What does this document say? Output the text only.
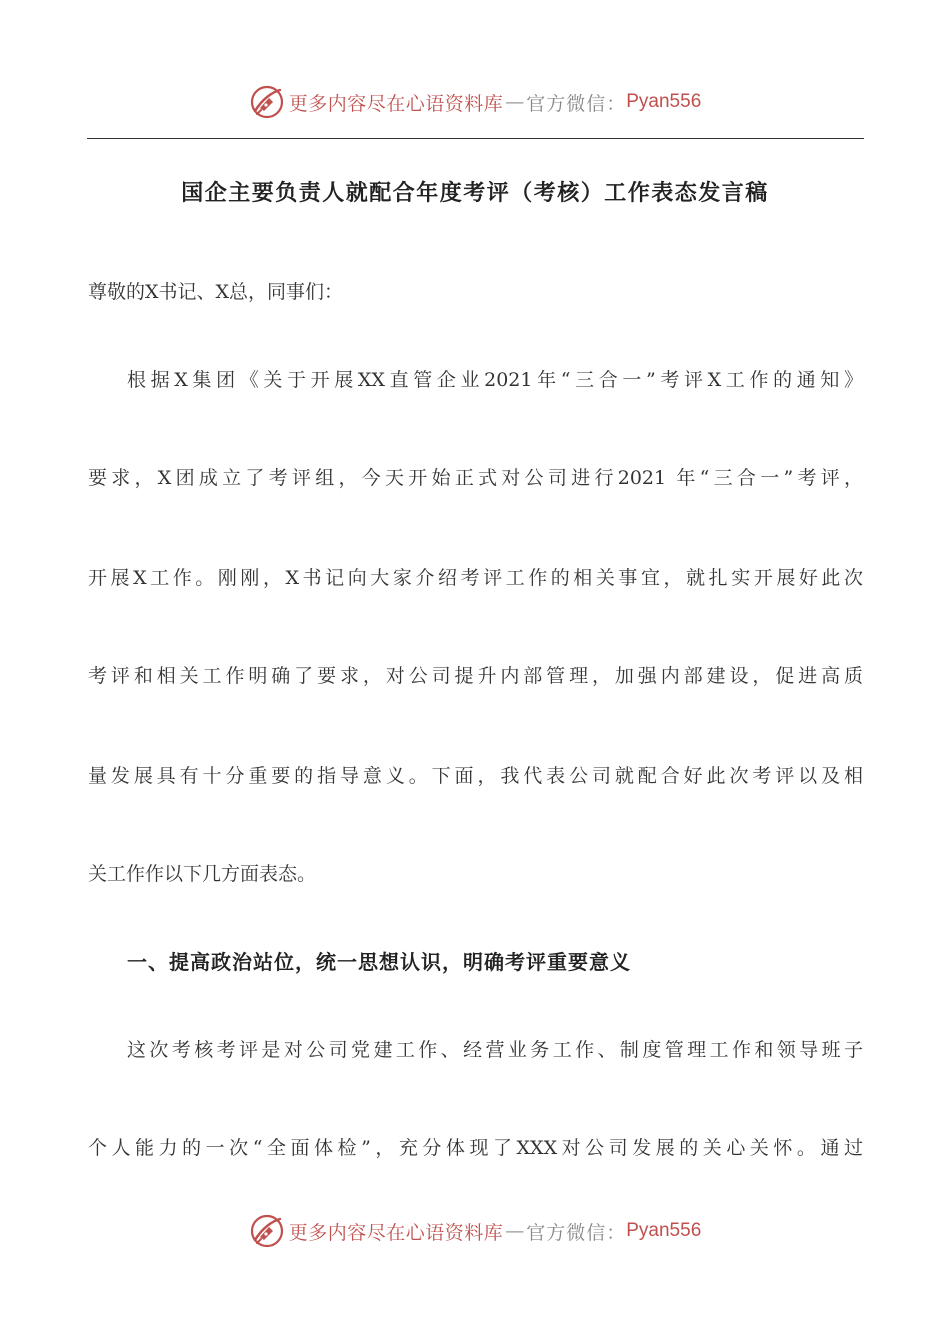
更多内容尽在心语资料库 — 官方微信： Pyan556
国企主要负责人就配合年度考评（考核）工作表态发言稿
尊敬的X书记、X总，同事们：
根据X集团《关于开展XX直管企业2021年“三合一”考评X工作的通知》
要求，X团成立了考评组，今天开始正式对公司进行2021 年“三合一”考评，
开展X工作。刚刚，X书记向大家介绍考评工作的相关事宜，就扎实开展好此次
考评和相关工作明确了要求，对公司提升内部管理，加强内部建设，促进高质
量发展具有十分重要的指导意义。下面，我代表公司就配合好此次考评以及相
关工作作以下几方面表态。
一、提高政治站位，统一思想认识，明确考评重要意义
这次考核考评是对公司党建工作、经营业务工作、制度管理工作和领导班子
个人能力的一次“全面体检”，充分体现了XXX对公司发展的关心关怀。通过
更多内容尽在心语资料库 — 官方微信： Pyan556
